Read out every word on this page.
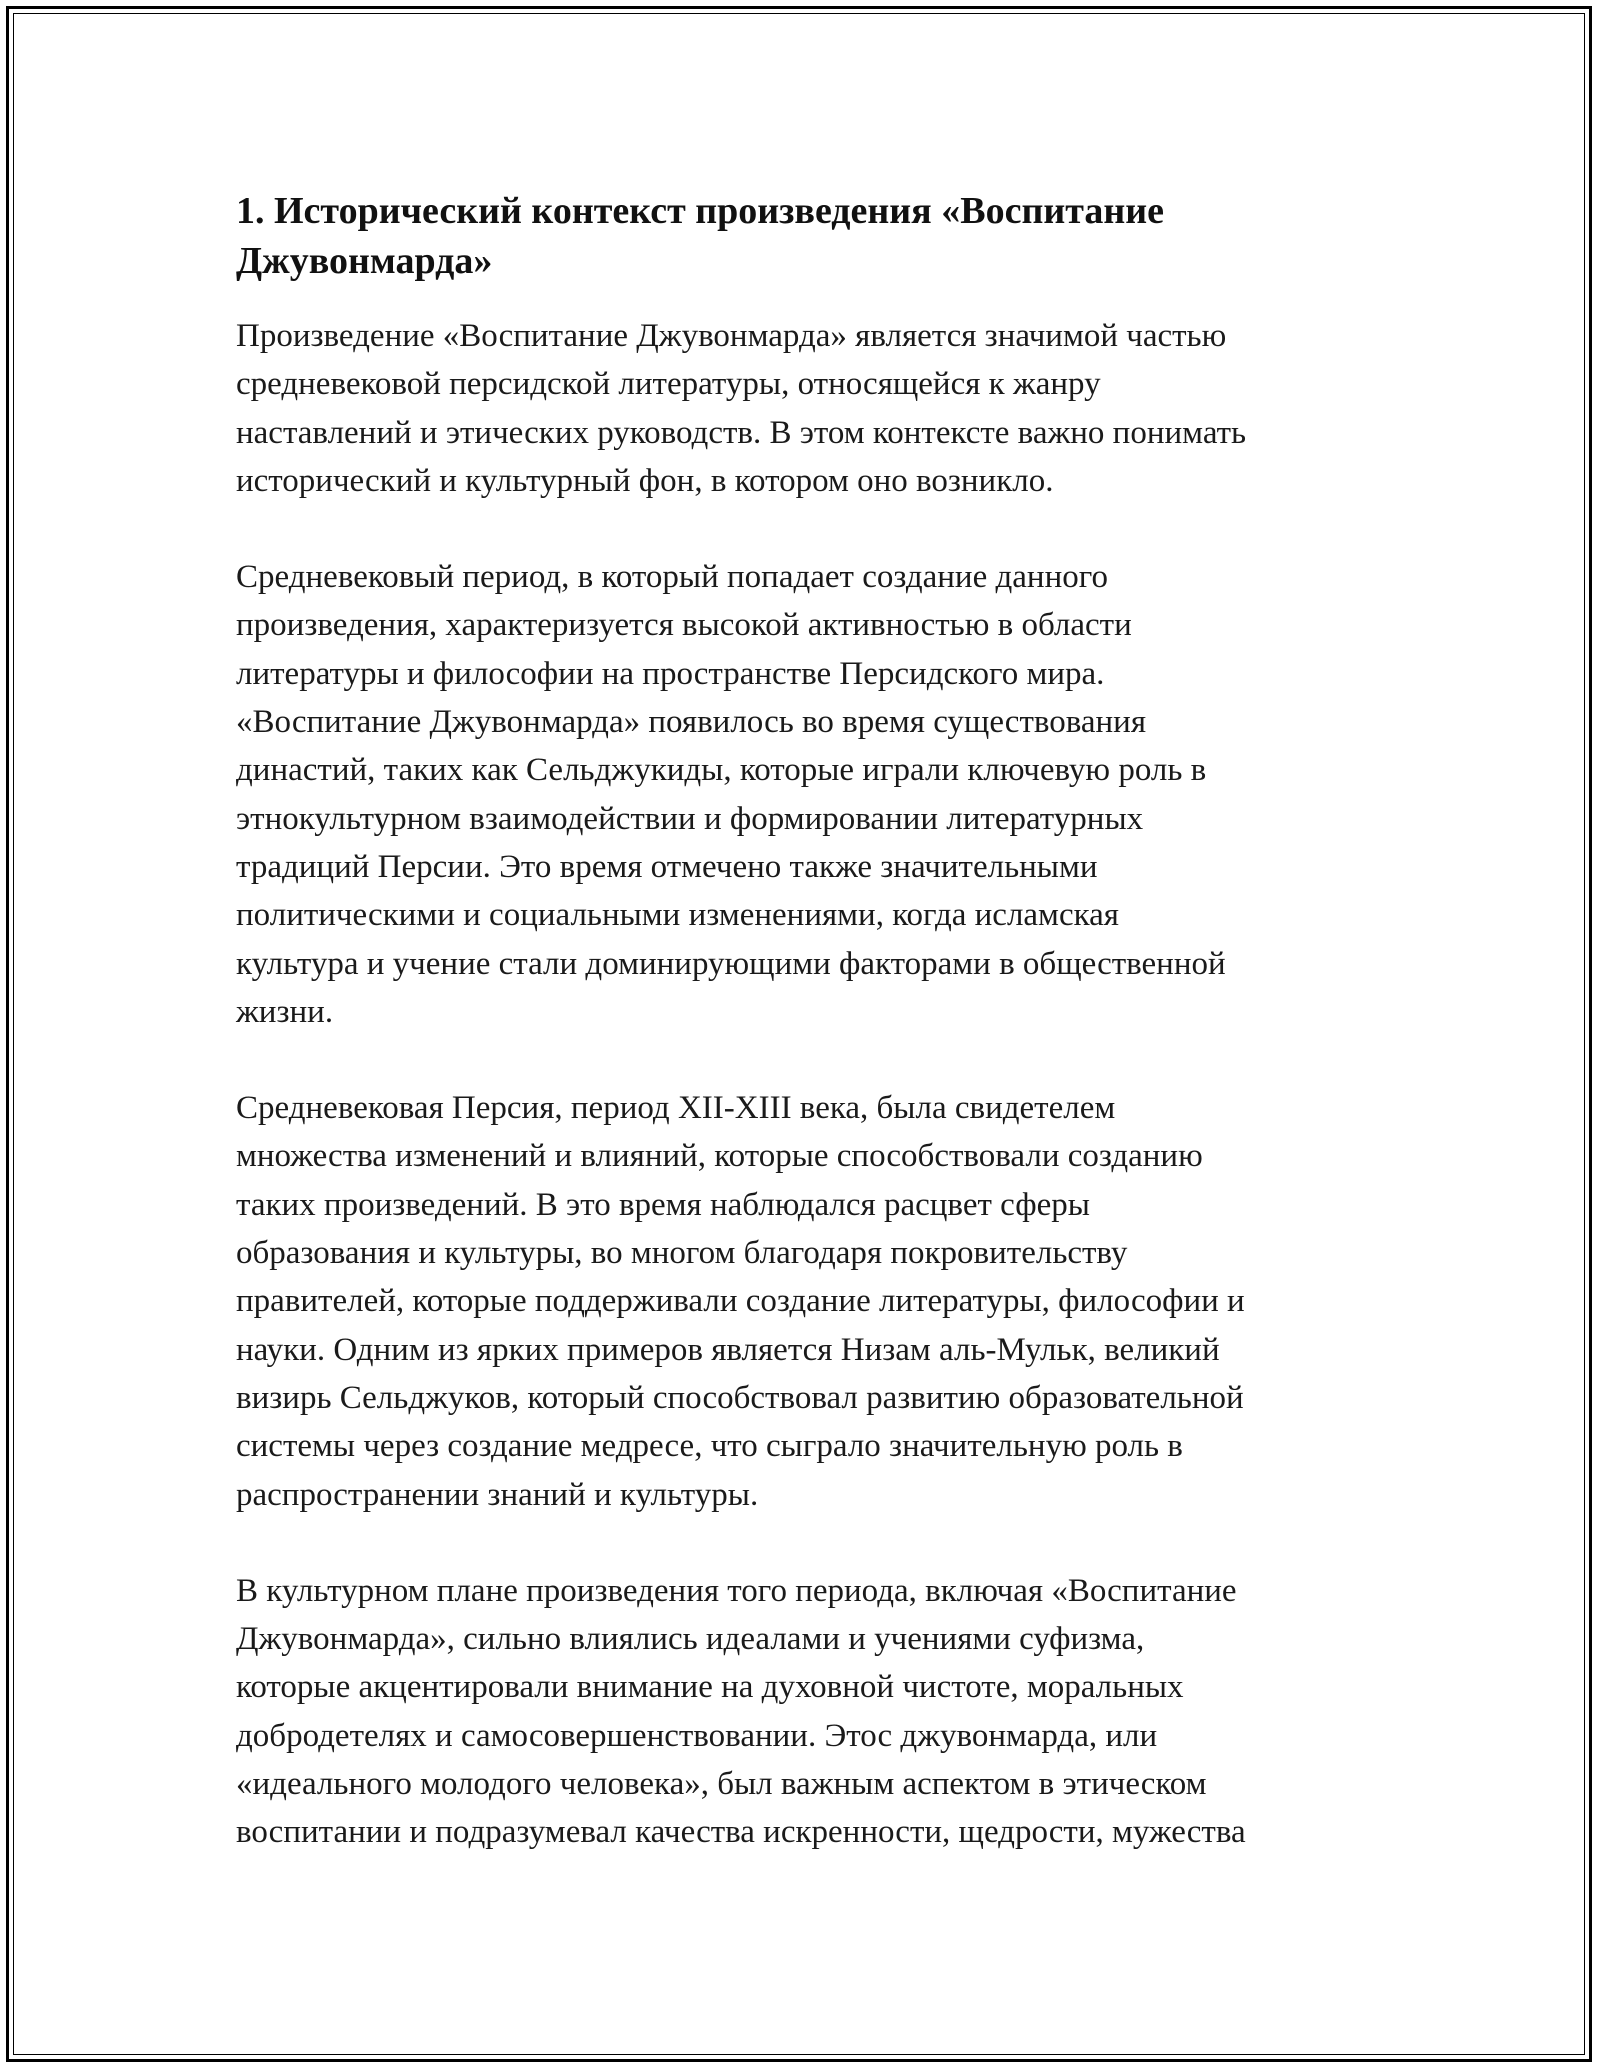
1. Исторический контекст произведения «Воспитание
Джувонмарда»

Произведение «Воспитание Джувонмарда» является значимой частью
средневековой персидской литературы, относящейся к жанру
наставлений и этических руководств. В этом контексте важно понимать
исторический и культурный фон, в котором оно возникло.

Средневековый период, в который попадает создание данного
произведения, характеризуется высокой активностью в области
литературы и философии на пространстве Персидского мира.
«Воспитание Джувонмарда» появилось во время существования
династий, таких как Сельджукиды, которые играли ключевую роль в
этнокультурном взаимодействии и формировании литературных
традиций Персии. Это время отмечено также значительными
политическими и социальными изменениями, когда исламская
культура и учение стали доминирующими факторами в общественной
жизни.

Средневековая Персия, период XII-XIII века, была свидетелем
множества изменений и влияний, которые способствовали созданию
таких произведений. В это время наблюдался расцвет сферы
образования и культуры, во многом благодаря покровительству
правителей, которые поддерживали создание литературы, философии и
науки. Одним из ярких примеров является Низам аль-Мульк, великий
визирь Сельджуков, который способствовал развитию образовательной
системы через создание медресе, что сыграло значительную роль в
распространении знаний и культуры.

В культурном плане произведения того периода, включая «Воспитание
Джувонмарда», сильно влиялись идеалами и учениями суфизма,
которые акцентировали внимание на духовной чистоте, моральных
добродетелях и самосовершенствовании. Этос джувонмарда, или
«идеального молодого человека», был важным аспектом в этическом
воспитании и подразумевал качества искренности, щедрости, мужества
